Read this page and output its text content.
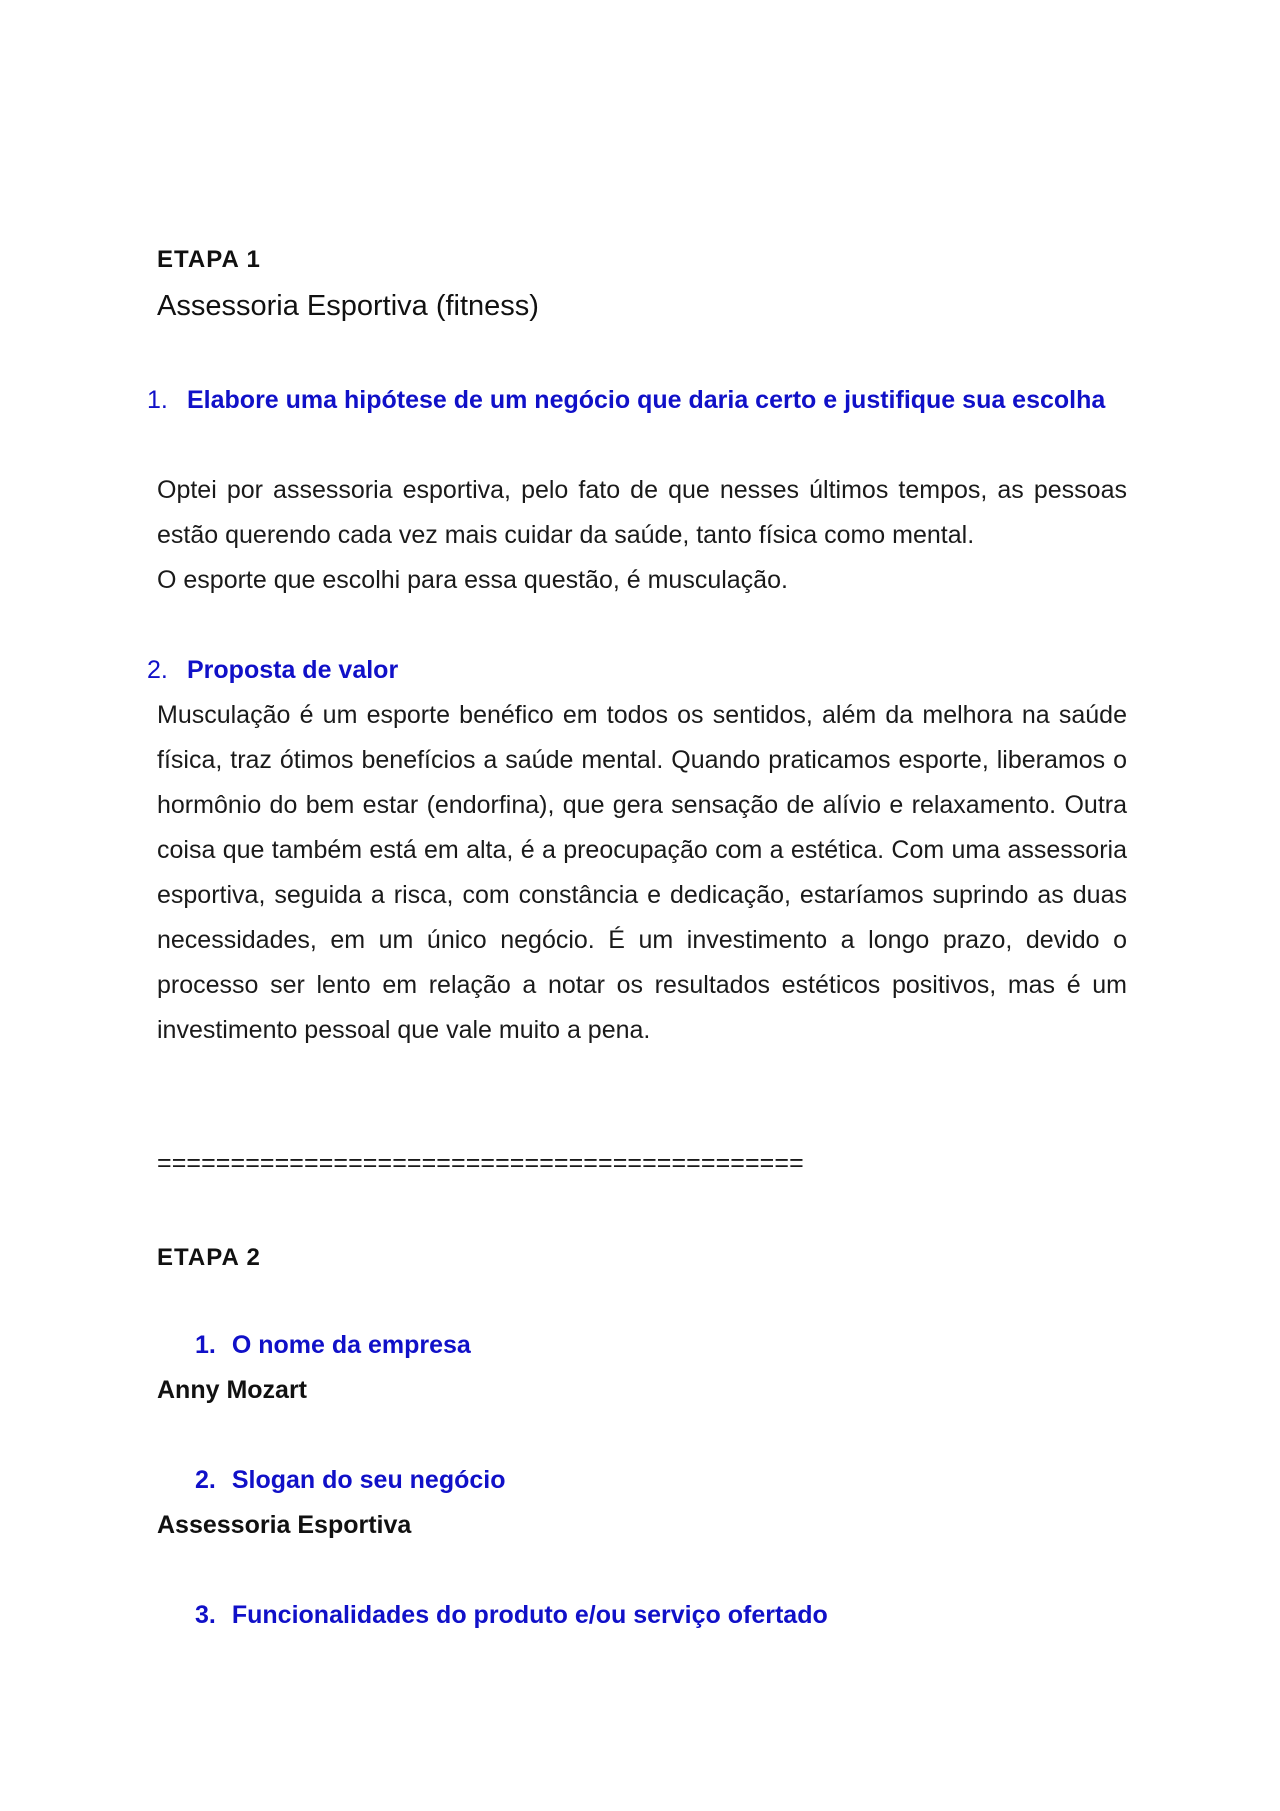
ETAPA 1
Assessoria Esportiva (fitness)
1. Elabore uma hipótese de um negócio que daria certo e justifique sua escolha

Optei por assessoria esportiva, pelo fato de que nesses últimos tempos, as pessoas estão querendo cada vez mais cuidar da saúde, tanto física como mental.

O esporte que escolhi para essa questão, é musculação.

2. Proposta de valor

Musculação é um esporte benéfico em todos os sentidos, além da melhora na saúde física, traz ótimos benefícios a saúde mental. Quando praticamos esporte, liberamos o hormônio do bem estar (endorfina), que gera sensação de alívio e relaxamento. Outra coisa que também está em alta, é a preocupação com a estética. Com uma assessoria esportiva, seguida a risca, com constância e dedicação, estaríamos suprindo as duas necessidades, em um único negócio. É um investimento a longo prazo, devido o processo ser lento em relação a notar os resultados estéticos positivos, mas é um investimento pessoal que vale muito a pena.

============================================
ETAPA 2
1. O nome da empresa

Anny Mozart

2. Slogan do seu negócio

Assessoria Esportiva

3. Funcionalidades do produto e/ou serviço ofertado
